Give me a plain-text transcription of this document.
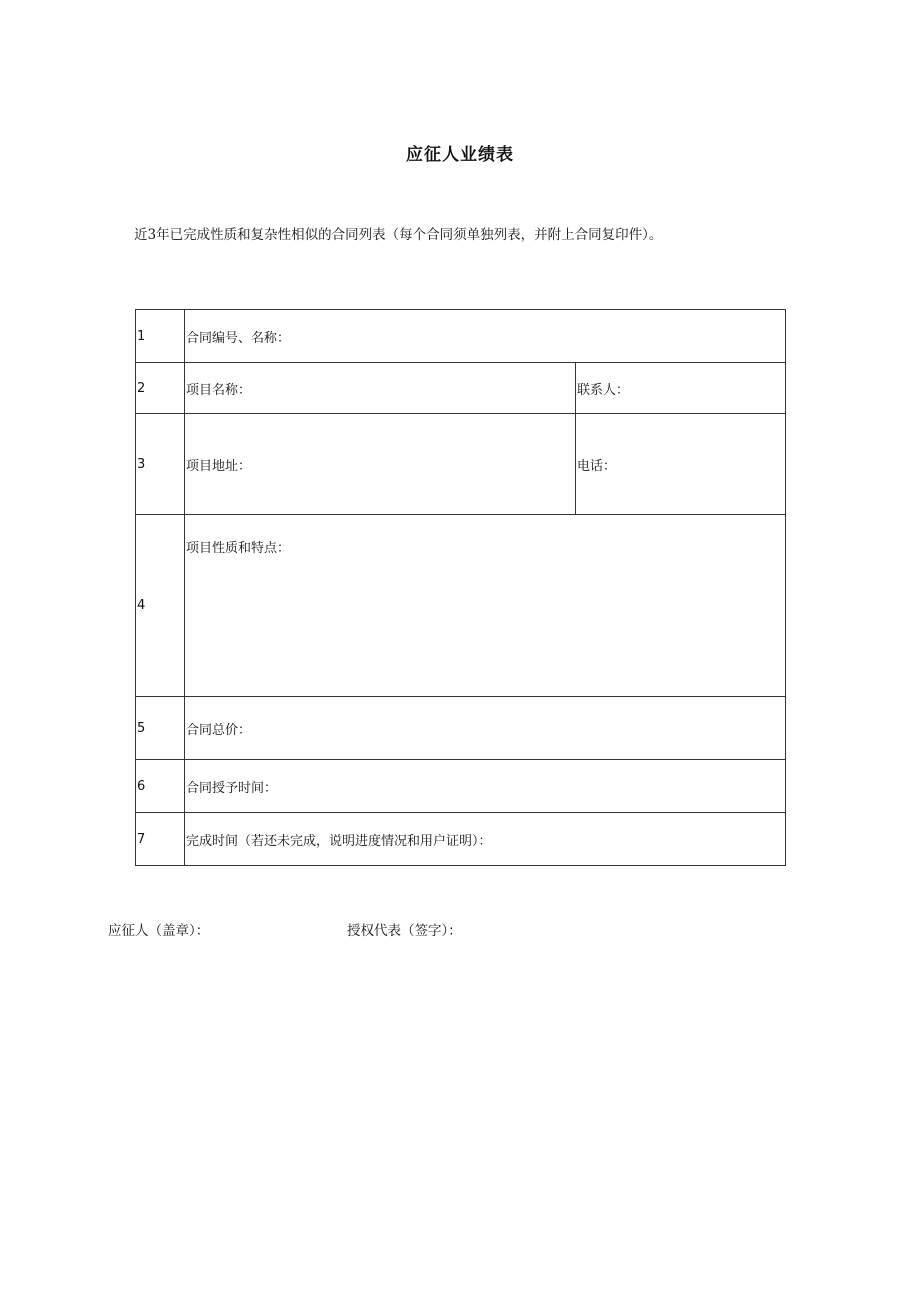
应征人业绩表
近3年已完成性质和复杂性相似的合同列表（每个合同须单独列表，并附上合同复印件）。
1	合同编号、名称：	
2	项目名称：	联系人：
3	项目地址：	电话：
4	项目性质和特点：	
5	合同总价：	
6	合同授予时间：	
7	完成时间（若还未完成，说明进度情况和用户证明）：	
应征人（盖章）：	授权代表（签字）：
